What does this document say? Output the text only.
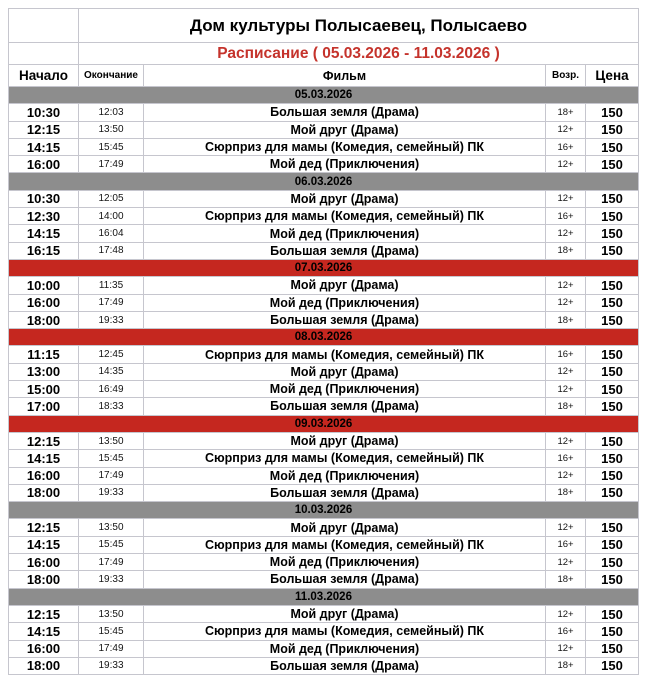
	Дом культуры Полысаевец, Полысаево			
	Расписание ( 05.03.2026 - 11.03.2026 )			
Начало	Окончание	Фильм	Возр.	Цена
05.03.2026				
10:30	12:03	Большая земля (Драма)	18+	150
12:15	13:50	Мой друг (Драма)	12+	150
14:15	15:45	Сюрприз для мамы (Комедия, семейный) ПК	16+	150
16:00	17:49	Мой дед (Приключения)	12+	150
06.03.2026				
10:30	12:05	Мой друг (Драма)	12+	150
12:30	14:00	Сюрприз для мамы (Комедия, семейный) ПК	16+	150
14:15	16:04	Мой дед (Приключения)	12+	150
16:15	17:48	Большая земля (Драма)	18+	150
07.03.2026				
10:00	11:35	Мой друг (Драма)	12+	150
16:00	17:49	Мой дед (Приключения)	12+	150
18:00	19:33	Большая земля (Драма)	18+	150
08.03.2026				
11:15	12:45	Сюрприз для мамы (Комедия, семейный) ПК	16+	150
13:00	14:35	Мой друг (Драма)	12+	150
15:00	16:49	Мой дед (Приключения)	12+	150
17:00	18:33	Большая земля (Драма)	18+	150
09.03.2026				
12:15	13:50	Мой друг (Драма)	12+	150
14:15	15:45	Сюрприз для мамы (Комедия, семейный) ПК	16+	150
16:00	17:49	Мой дед (Приключения)	12+	150
18:00	19:33	Большая земля (Драма)	18+	150
10.03.2026				
12:15	13:50	Мой друг (Драма)	12+	150
14:15	15:45	Сюрприз для мамы (Комедия, семейный) ПК	16+	150
16:00	17:49	Мой дед (Приключения)	12+	150
18:00	19:33	Большая земля (Драма)	18+	150
11.03.2026				
12:15	13:50	Мой друг (Драма)	12+	150
14:15	15:45	Сюрприз для мамы (Комедия, семейный) ПК	16+	150
16:00	17:49	Мой дед (Приключения)	12+	150
18:00	19:33	Большая земля (Драма)	18+	150
